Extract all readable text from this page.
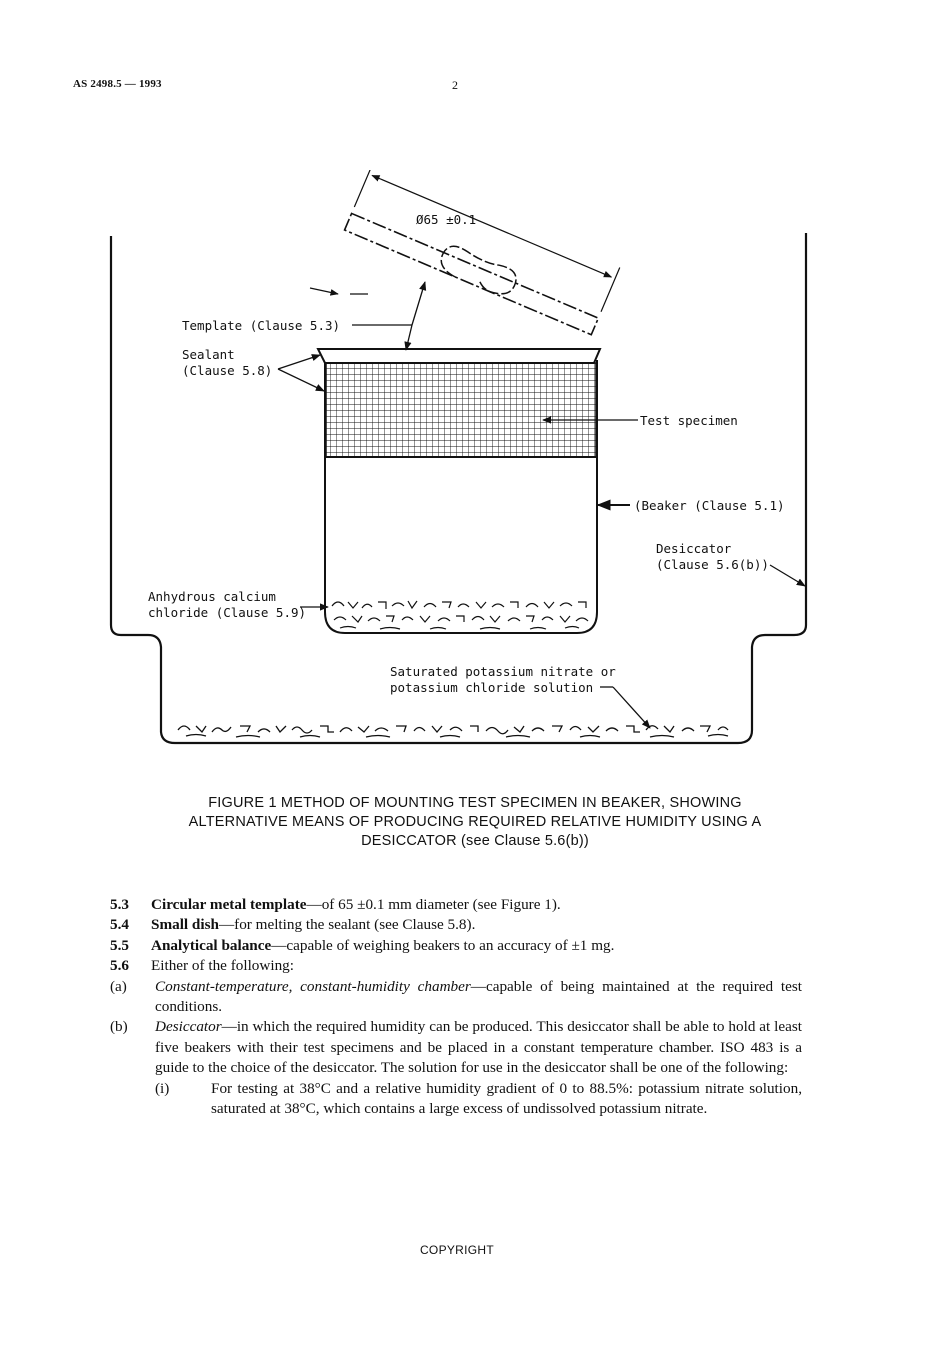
AS 2498.5 — 1993	2
Ø65 ±0.1
Template (Clause 5.3)
Sealant
(Clause 5.8)
Test specimen
(Beaker (Clause 5.1)
Desiccator
(Clause 5.6(b))
Anhydrous calcium
chloride (Clause 5.9)
Saturated potassium nitrate or
potassium chloride solution
FIGURE 1 METHOD OF MOUNTING TEST SPECIMEN IN BEAKER, SHOWING
ALTERNATIVE MEANS OF PRODUCING REQUIRED RELATIVE HUMIDITY USING A
DESICCATOR (see Clause 5.6(b))
5.3	Circular metal template—of 65 ±0.1 mm diameter (see Figure 1).
5.4	Small dish—for melting the sealant (see Clause 5.8).
5.5	Analytical balance—capable of weighing beakers to an accuracy of ±1 mg.
5.6	Either of the following:
(a)	Constant-temperature, constant-humidity chamber—capable of being maintained at the required test conditions.
(b)	Desiccator—in which the required humidity can be produced. This desiccator shall be able to hold at least five beakers with their test specimens and be placed in a constant temperature chamber. ISO 483 is a guide to the choice of the desiccator. The solution for use in the desiccator shall be one of the following:
(i)	For testing at 38°C and a relative humidity gradient of 0 to 88.5%: potassium nitrate solution, saturated at 38°C, which contains a large excess of undissolved potassium nitrate.
COPYRIGHT
